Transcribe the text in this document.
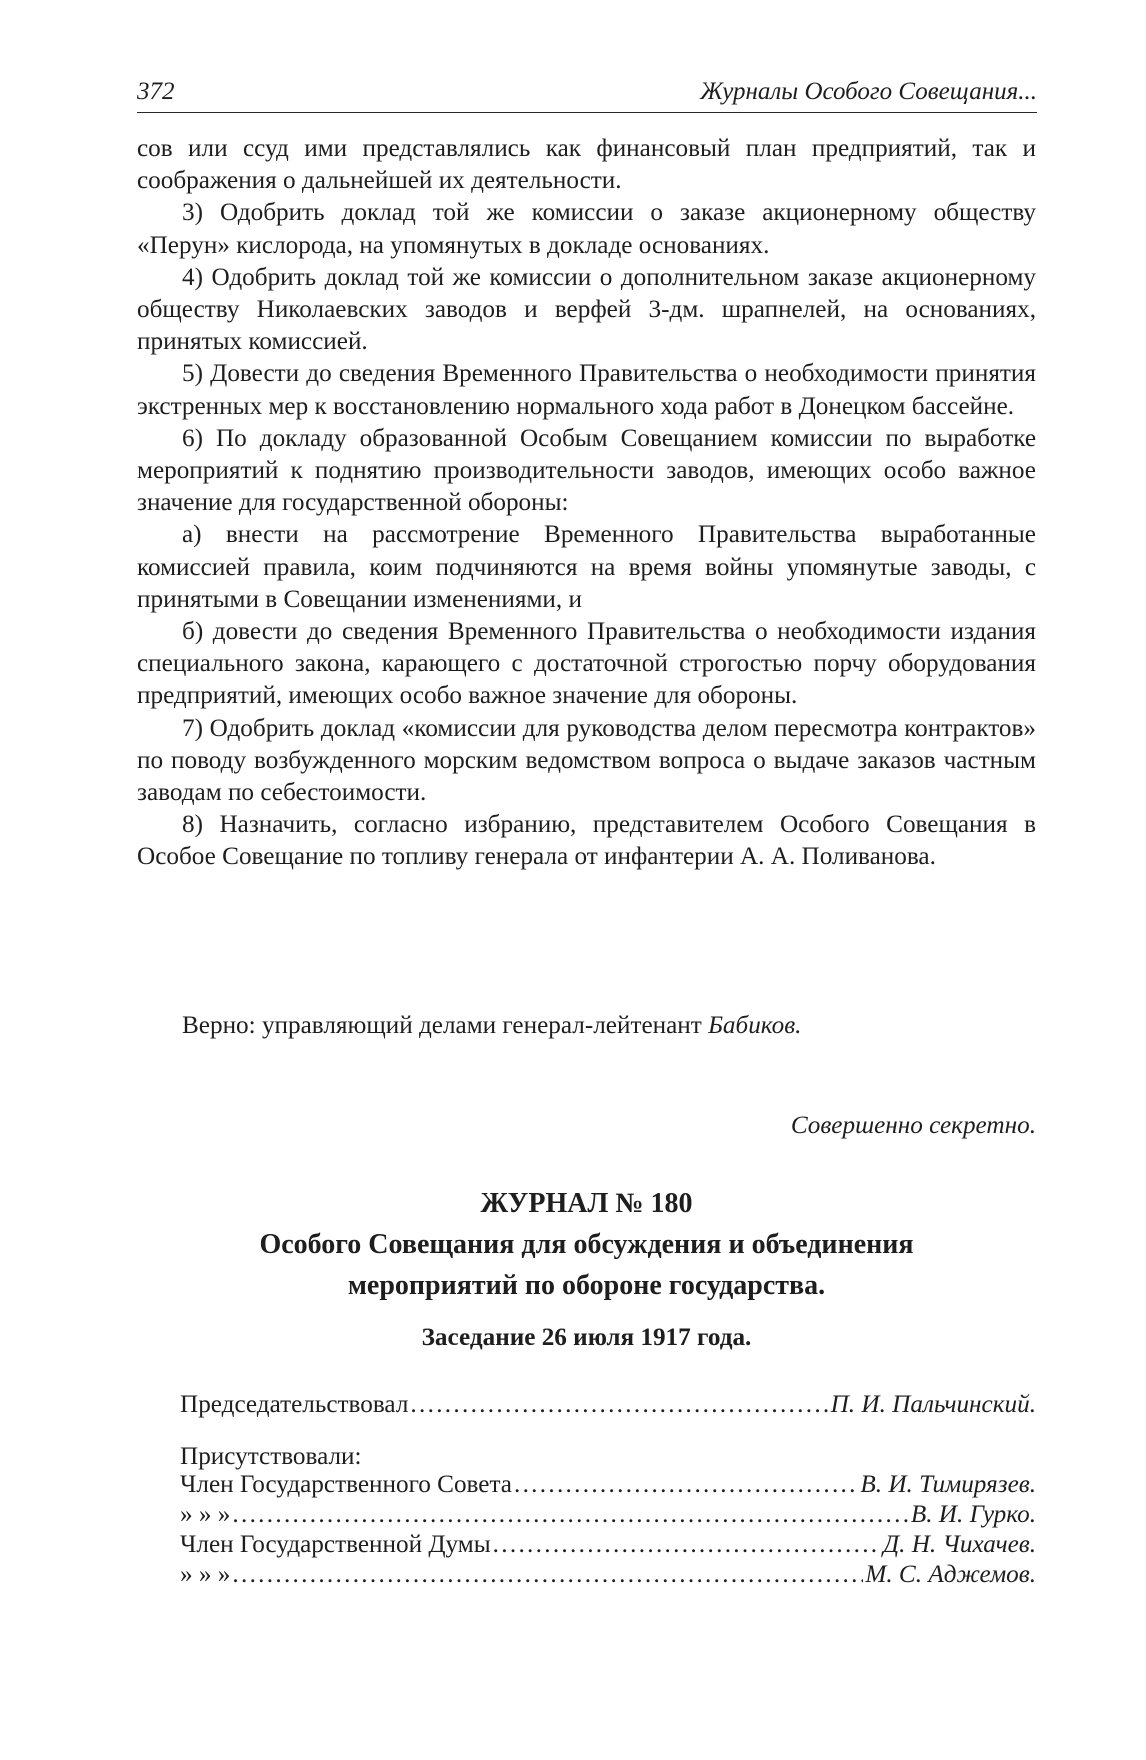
372	Журналы Особого Совещания...

сов или ссуд ими представлялись как финансовый план предприятий, так и соображения о дальнейшей их деятельности.

3) Одобрить доклад той же комиссии о заказе акционерному обществу «Перун» кислорода, на упомянутых в докладе основаниях.

4) Одобрить доклад той же комиссии о дополнительном заказе акционерному обществу Николаевских заводов и верфей 3-дм. шрапнелей, на основаниях, принятых комиссией.

5) Довести до сведения Временного Правительства о необходимости принятия экстренных мер к восстановлению нормального хода работ в Донецком бассейне.

6) По докладу образованной Особым Совещанием комиссии по выработке мероприятий к поднятию производительности заводов, имеющих особо важное значение для государственной обороны:

а) внести на рассмотрение Временного Правительства выработанные комиссией правила, коим подчиняются на время войны упомянутые заводы, с принятыми в Совещании изменениями, и

б) довести до сведения Временного Правительства о необходимости издания специального закона, карающего с достаточной строгостью порчу оборудования предприятий, имеющих особо важное значение для обороны.

7) Одобрить доклад «комиссии для руководства делом пересмотра контрактов» по поводу возбужденного морским ведомством вопроса о выдаче заказов частным заводам по себестоимости.

8) Назначить, согласно избранию, представителем Особого Совещания в Особое Совещание по топливу генерала от инфантерии А. А. Поливанова.

Верно: управляющий делами генерал-лейтенант Бабиков.
Совершенно секретно.
ЖУРНАЛ № 180
Особого Совещания для обсуждения и объединения
мероприятий по обороне государства.
Заседание 26 июля 1917 года.
Председательствовал . . .	П. И. Пальчинский.
Присутствовали:
Член Государственного Совета . . .	В. И. Тимирязев.
» » » . . .	В. И. Гурко.
Член Государственной Думы . . .	Д. Н. Чихачев.
» » » . . .	М. С. Аджемов.
